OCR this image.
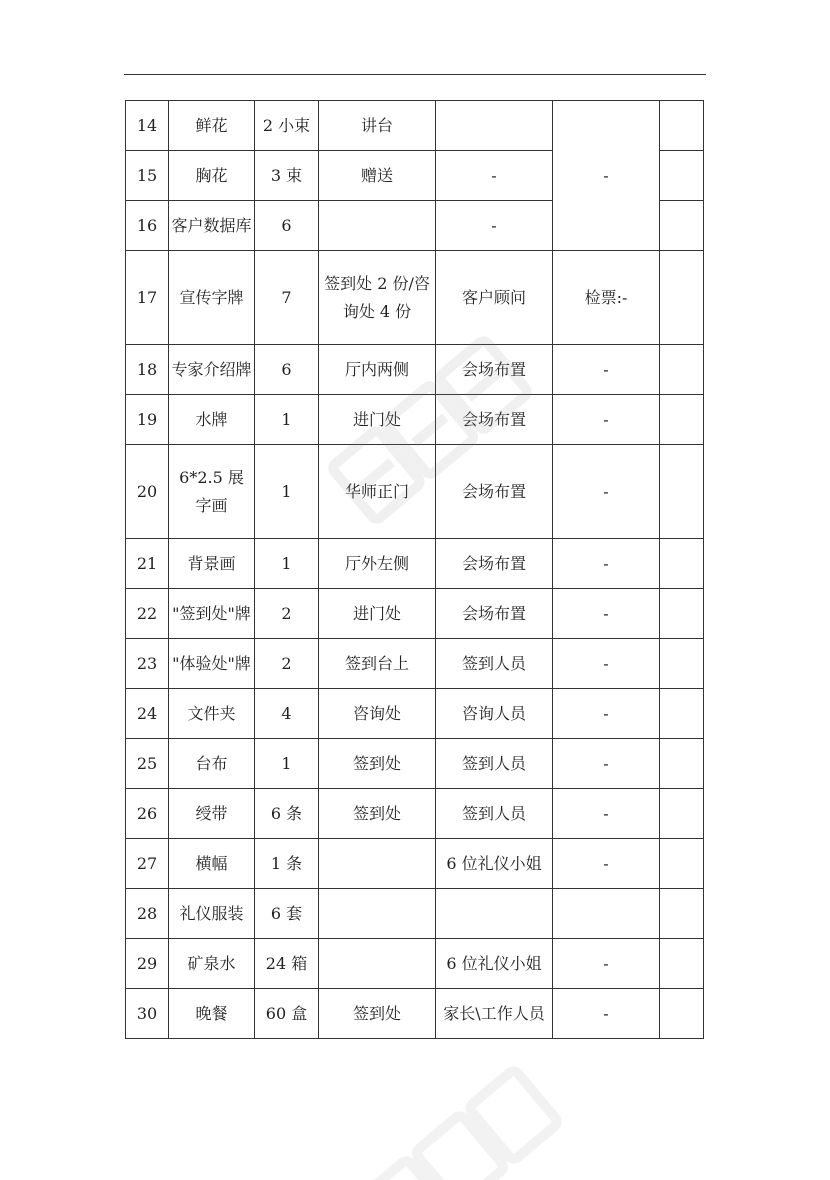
14	鲜花	2 小束	讲台		-	
15	胸花	3 束	赠送	-		
16	客户数据库	6		-		
17	宣传字牌	7	签到处 2 份/咨询处 4 份	客户顾问	检票:-	
18	专家介绍牌	6	厅内两侧	会场布置	-	
19	水牌	1	进门处	会场布置	-	
20	6*2.5 展字画	1	华师正门	会场布置	-	
21	背景画	1	厅外左侧	会场布置	-	
22	"签到处"牌	2	进门处	会场布置	-	
23	"体验处"牌	2	签到台上	签到人员	-	
24	文件夹	4	咨询处	咨询人员	-	
25	台布	1	签到处	签到人员	-	
26	绶带	6 条	签到处	签到人员	-	
27	横幅	1 条		6 位礼仪小姐	-	
28	礼仪服装	6 套				
29	矿泉水	24 箱		6 位礼仪小姐	-	
30	晚餐	60 盒	签到处	家长\工作人员	-	
